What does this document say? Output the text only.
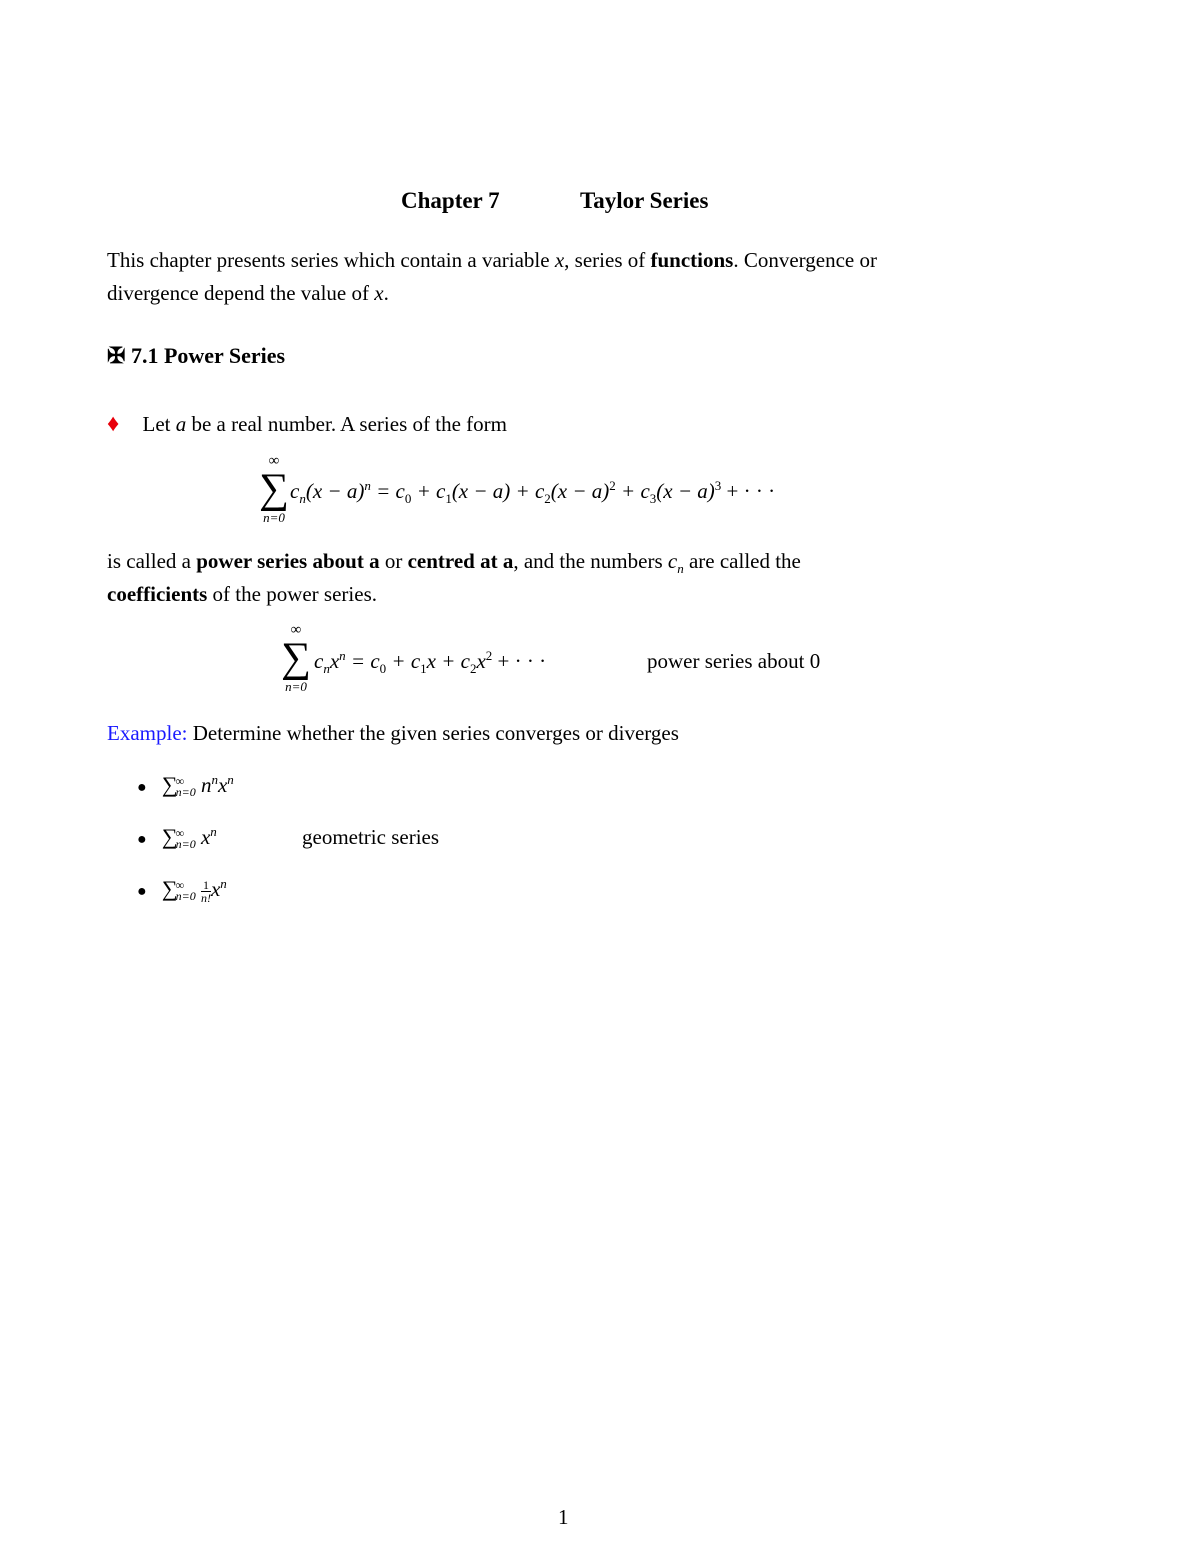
Chapter 7	Taylor Series
This chapter presents series which contain a variable x, series of functions. Convergence or
divergence depend the value of x.
✠ 7.1 Power Series
♦ Let a be a real number. A series of the form
∞
∑
n=0
$c_n(x - a)^n = c_0 + c_1(x - a) + c_2(x - a)^2 + c_3(x - a)^3$ + · · ·
is called a power series about a or centred at a, and the numbers $c_n$ are called the
coefficients of the power series.
∞
∑
n=0
$c_nx^n = c_0 + c_1x + c_2x^2$ + · · ·	power series about 0
Example: Determine whether the given series converges or diverges
● ∑
∞
n=0 $n^nx^n$
● ∑
∞
n=0 $x^n$	geometric series
● ∑
∞
n=0
$\frac{1}{n!} x^n$
1
